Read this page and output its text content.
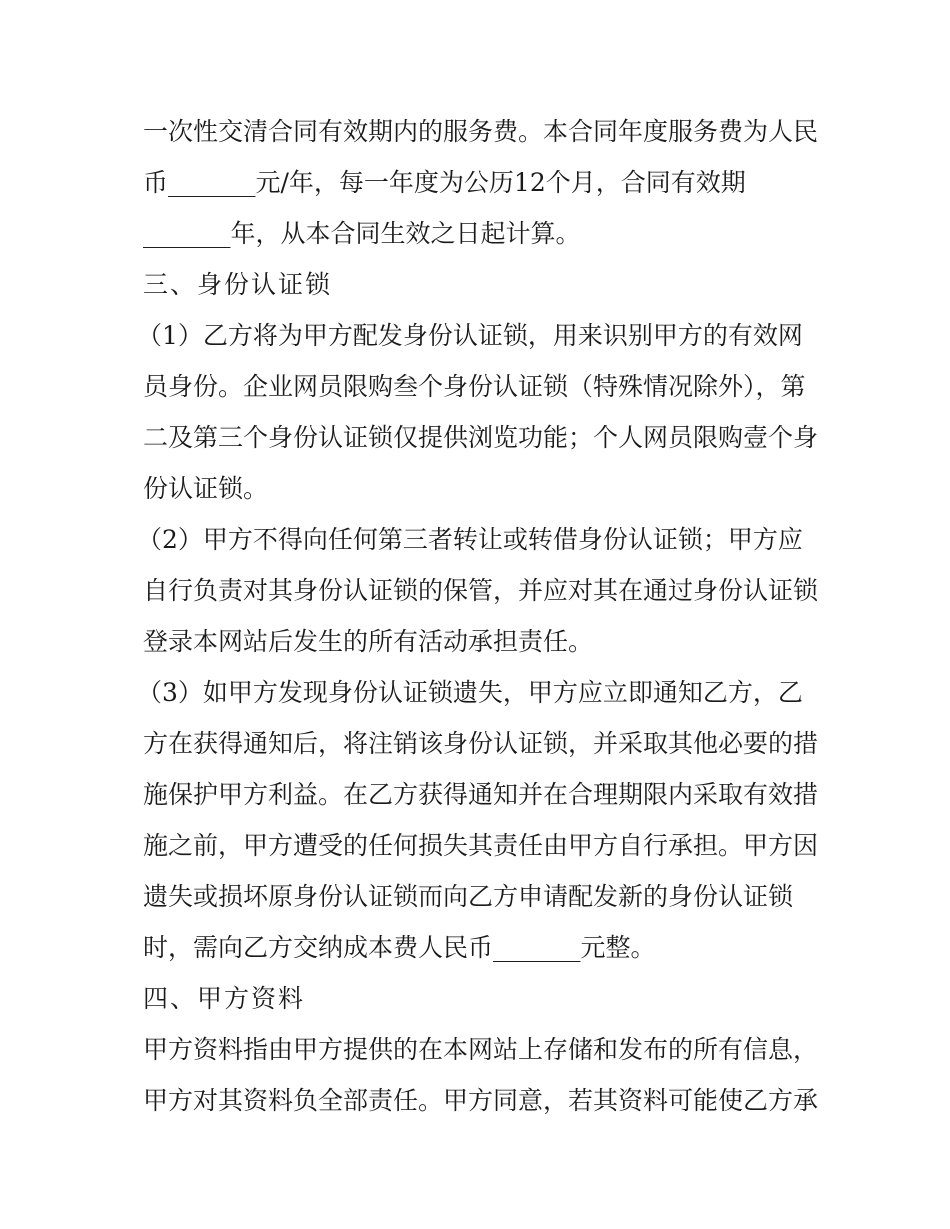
一次性交清合同有效期内的服务费。本合同年度服务费为人民
币_______元/年，每一年度为公历12个月，合同有效期
_______年，从本合同生效之日起计算。
三、身份认证锁
（1）乙方将为甲方配发身份认证锁，用来识别甲方的有效网
员身份。企业网员限购叁个身份认证锁（特殊情况除外），第
二及第三个身份认证锁仅提供浏览功能；个人网员限购壹个身
份认证锁。
（2）甲方不得向任何第三者转让或转借身份认证锁；甲方应
自行负责对其身份认证锁的保管，并应对其在通过身份认证锁
登录本网站后发生的所有活动承担责任。
（3）如甲方发现身份认证锁遗失，甲方应立即通知乙方，乙
方在获得通知后，将注销该身份认证锁，并采取其他必要的措
施保护甲方利益。在乙方获得通知并在合理期限内采取有效措
施之前，甲方遭受的任何损失其责任由甲方自行承担。甲方因
遗失或损坏原身份认证锁而向乙方申请配发新的身份认证锁
时，需向乙方交纳成本费人民币_______元整。
四、甲方资料
甲方资料指由甲方提供的在本网站上存储和发布的所有信息，
甲方对其资料负全部责任。甲方同意，若其资料可能使乙方承
